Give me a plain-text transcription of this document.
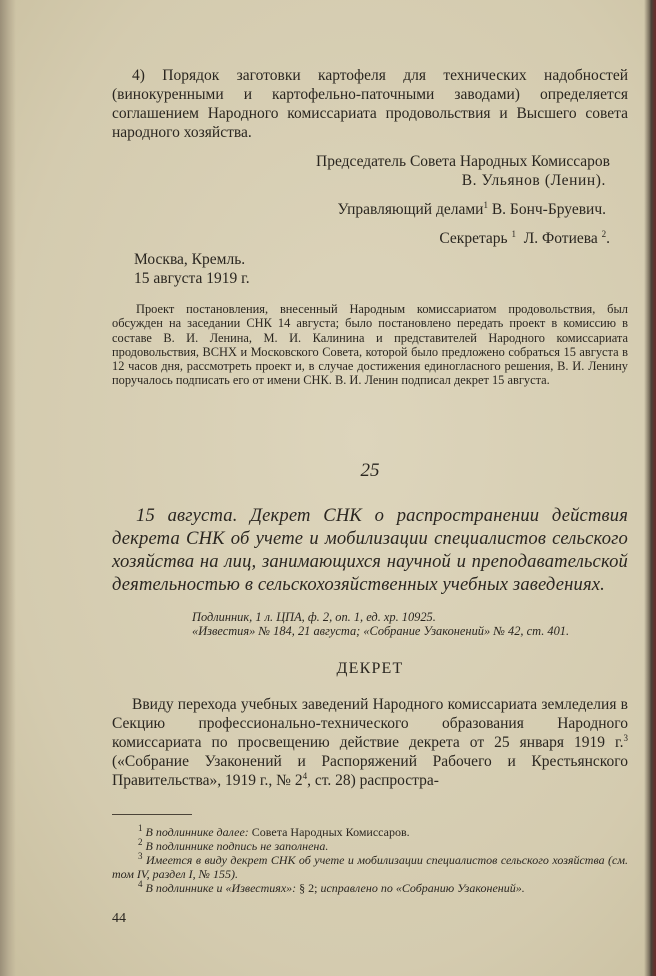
4) Порядок заготовки картофеля для технических надобностей (винокуренными и картофельно-паточными заводами) определяется соглашением Народного комиссариата продовольствия и Высшего совета народного хозяйства.

Председатель Совета Народных Комиссаров

В. Ульянов (Ленин).

Управляющий делами$^1$ В. Бонч-Бруевич.

Секретарь $^1$ Л. Фотиева $^2$.

Москва, Кремль.

15 августа 1919 г.

Проект постановления, внесенный Народным комиссариатом продовольствия, был обсужден на заседании СНК 14 августа; было постановлено передать проект в комиссию в составе В. И. Ленина, М. И. Калинина и представителей Народного комиссариата продовольствия, ВСНХ и Московского Совета, которой было предложено собраться 15 августа в 12 часов дня, рассмотреть проект и, в случае достижения единогласного решения, В. И. Ленину поручалось подписать его от имени СНК. В. И. Ленин подписал декрет 15 августа.

25

15 августа. Декрет СНК о распространении действия декрета СНК об учете и мобилизации специалистов сельского хозяйства на лиц, занимающихся научной и преподавательской деятельностью в сельскохозяйственных учебных заведениях.

Подлинник, 1 л. ЦПА, ф. 2, оп. 1, ед. хр. 10925.
«Известия» № 184, 21 августа; «Собрание Узаконений» № 42, ст. 401.

ДЕКРЕТ

Ввиду перехода учебных заведений Народного комиссариата земледелия в Секцию профессионально-технического образования Народного комиссариата по просвещению действие декрета от 25 января 1919 г.$^3$ («Собрание Узаконений и Распоряжений Рабочего и Крестьянского Правительства», 1919 г., № $2^4$, ст. 28) распростра-

$^1$ В подлиннике далее: Совета Народных Комиссаров.

$^2$ В подлиннике подпись не заполнена.

$^3$ Имеется в виду декрет СНК об учете и мобилизации специалистов сельского хозяйства (см. том IV, раздел I, № 155).

$^4$ В подлиннике и «Известиях»: § 2; исправлено по «Собранию Узаконений».

44
